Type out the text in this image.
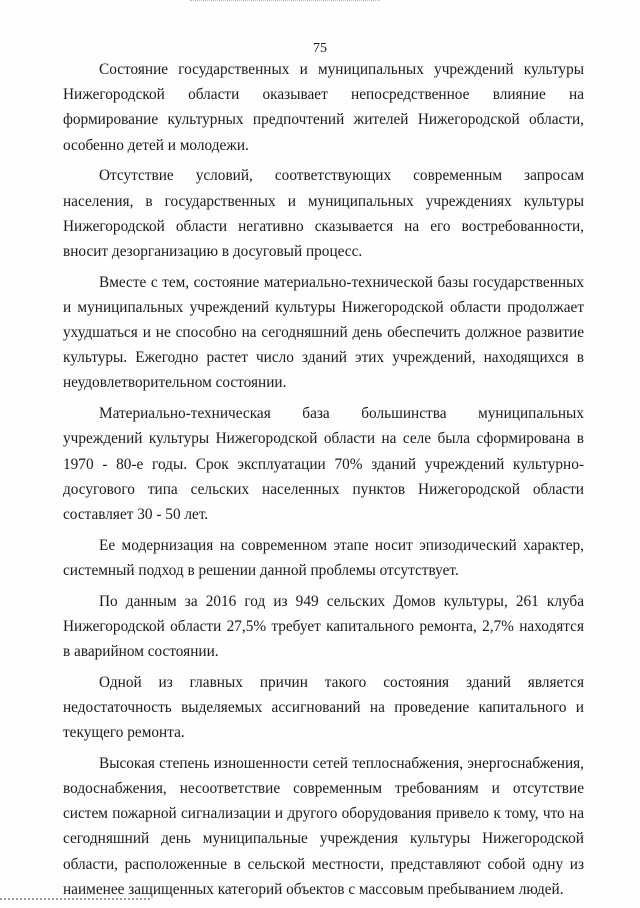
75

Состояние государственных и муниципальных учреждений культуры Нижегородской области оказывает непосредственное влияние на формирование культурных предпочтений жителей Нижегородской области, особенно детей и молодежи.

Отсутствие условий, соответствующих современным запросам населения, в государственных и муниципальных учреждениях культуры Нижегородской области негативно сказывается на его востребованности, вносит дезорганизацию в досуговый процесс.

Вместе с тем, состояние материально-технической базы государственных и муниципальных учреждений культуры Нижегородской области продолжает ухудшаться и не способно на сегодняшний день обеспечить должное развитие культуры. Ежегодно растет число зданий этих учреждений, находящихся в неудовлетворительном состоянии.

Материально-техническая база большинства муниципальных учреждений культуры Нижегородской области на селе была сформирована в 1970 - 80-е годы. Срок эксплуатации 70% зданий учреждений культурно-досугового типа сельских населенных пунктов Нижегородской области составляет 30 - 50 лет.

Ее модернизация на современном этапе носит эпизодический характер, системный подход в решении данной проблемы отсутствует.

По данным за 2016 год из 949 сельских Домов культуры, 261 клуба Нижегородской области 27,5% требует капитального ремонта, 2,7% находятся в аварийном состоянии.

Одной из главных причин такого состояния зданий является недостаточность выделяемых ассигнований на проведение капитального и текущего ремонта.

Высокая степень изношенности сетей теплоснабжения, энергоснабжения, водоснабжения, несоответствие современным требованиям и отсутствие систем пожарной сигнализации и другого оборудования привело к тому, что на сегодняшний день муниципальные учреждения культуры Нижегородской области, расположенные в сельской местности, представляют собой одну из наименее защищенных категорий объектов с массовым пребыванием людей.
